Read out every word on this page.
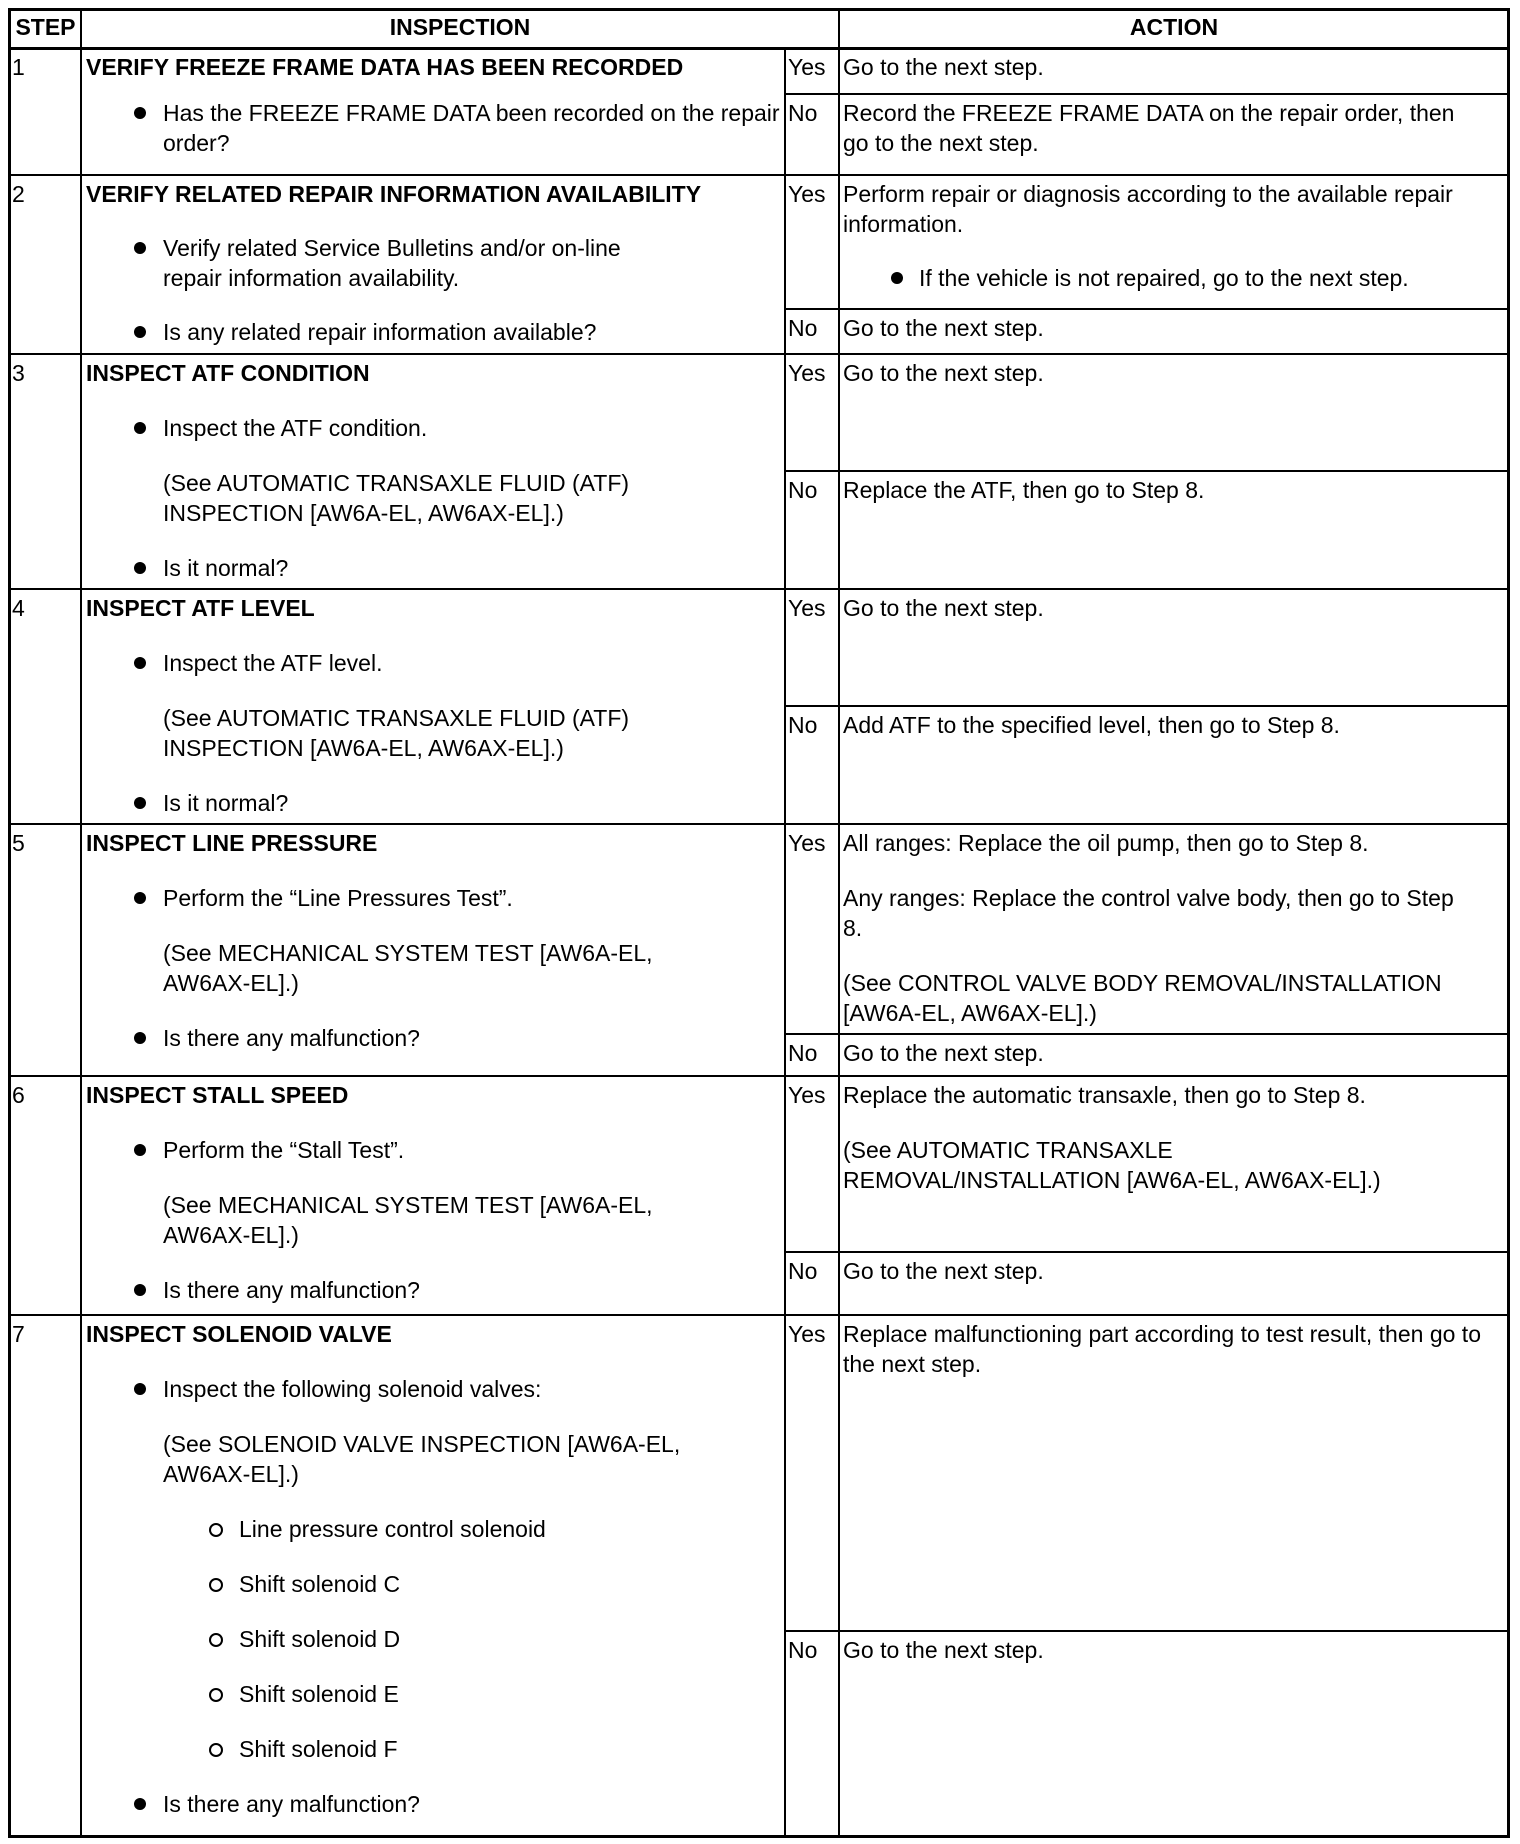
STEP	INSPECTION	ACTION
1	VERIFY FREEZE FRAME DATA HAS BEEN RECORDED

Has the FREEZE FRAME DATA been recorded on the repair order?

Yes Go to the next step.
No Record the FREEZE FRAME DATA on the repair order, then go to the next step.
2	VERIFY RELATED REPAIR INFORMATION AVAILABILITY

Verify related Service Bulletins and/or on-line repair information availability.

Is any related repair information available?

Yes Perform repair or diagnosis according to the available repair information.

If the vehicle is not repaired, go to the next step.

No Go to the next step.
3	INSPECT ATF CONDITION

Inspect the ATF condition.

(See AUTOMATIC TRANSAXLE FLUID (ATF) INSPECTION [AW6A-EL, AW6AX-EL].)

Is it normal?

Yes Go to the next step.
No Replace the ATF, then go to Step 8.
4	INSPECT ATF LEVEL

Inspect the ATF level.

(See AUTOMATIC TRANSAXLE FLUID (ATF) INSPECTION [AW6A-EL, AW6AX-EL].)

Is it normal?

Yes Go to the next step.
No Add ATF to the specified level, then go to Step 8.
5	INSPECT LINE PRESSURE

Perform the “Line Pressures Test”.

(See MECHANICAL SYSTEM TEST [AW6A-EL, AW6AX-EL].)

Is there any malfunction?

Yes All ranges: Replace the oil pump, then go to Step 8.

Any ranges: Replace the control valve body, then go to Step 8.

(See CONTROL VALVE BODY REMOVAL/INSTALLATION [AW6A-EL, AW6AX-EL].)

No Go to the next step.
6	INSPECT STALL SPEED

Perform the “Stall Test”.

(See MECHANICAL SYSTEM TEST [AW6A-EL, AW6AX-EL].)

Is there any malfunction?

Yes Replace the automatic transaxle, then go to Step 8.

(See AUTOMATIC TRANSAXLE REMOVAL/INSTALLATION [AW6A-EL, AW6AX-EL].)

No Go to the next step.
7	INSPECT SOLENOID VALVE

Inspect the following solenoid valves:

(See SOLENOID VALVE INSPECTION [AW6A-EL, AW6AX-EL].)

Line pressure control solenoid

Shift solenoid C

Shift solenoid D

Shift solenoid E

Shift solenoid F

Is there any malfunction?

Yes Replace malfunctioning part according to test result, then go to the next step.
No Go to the next step.
